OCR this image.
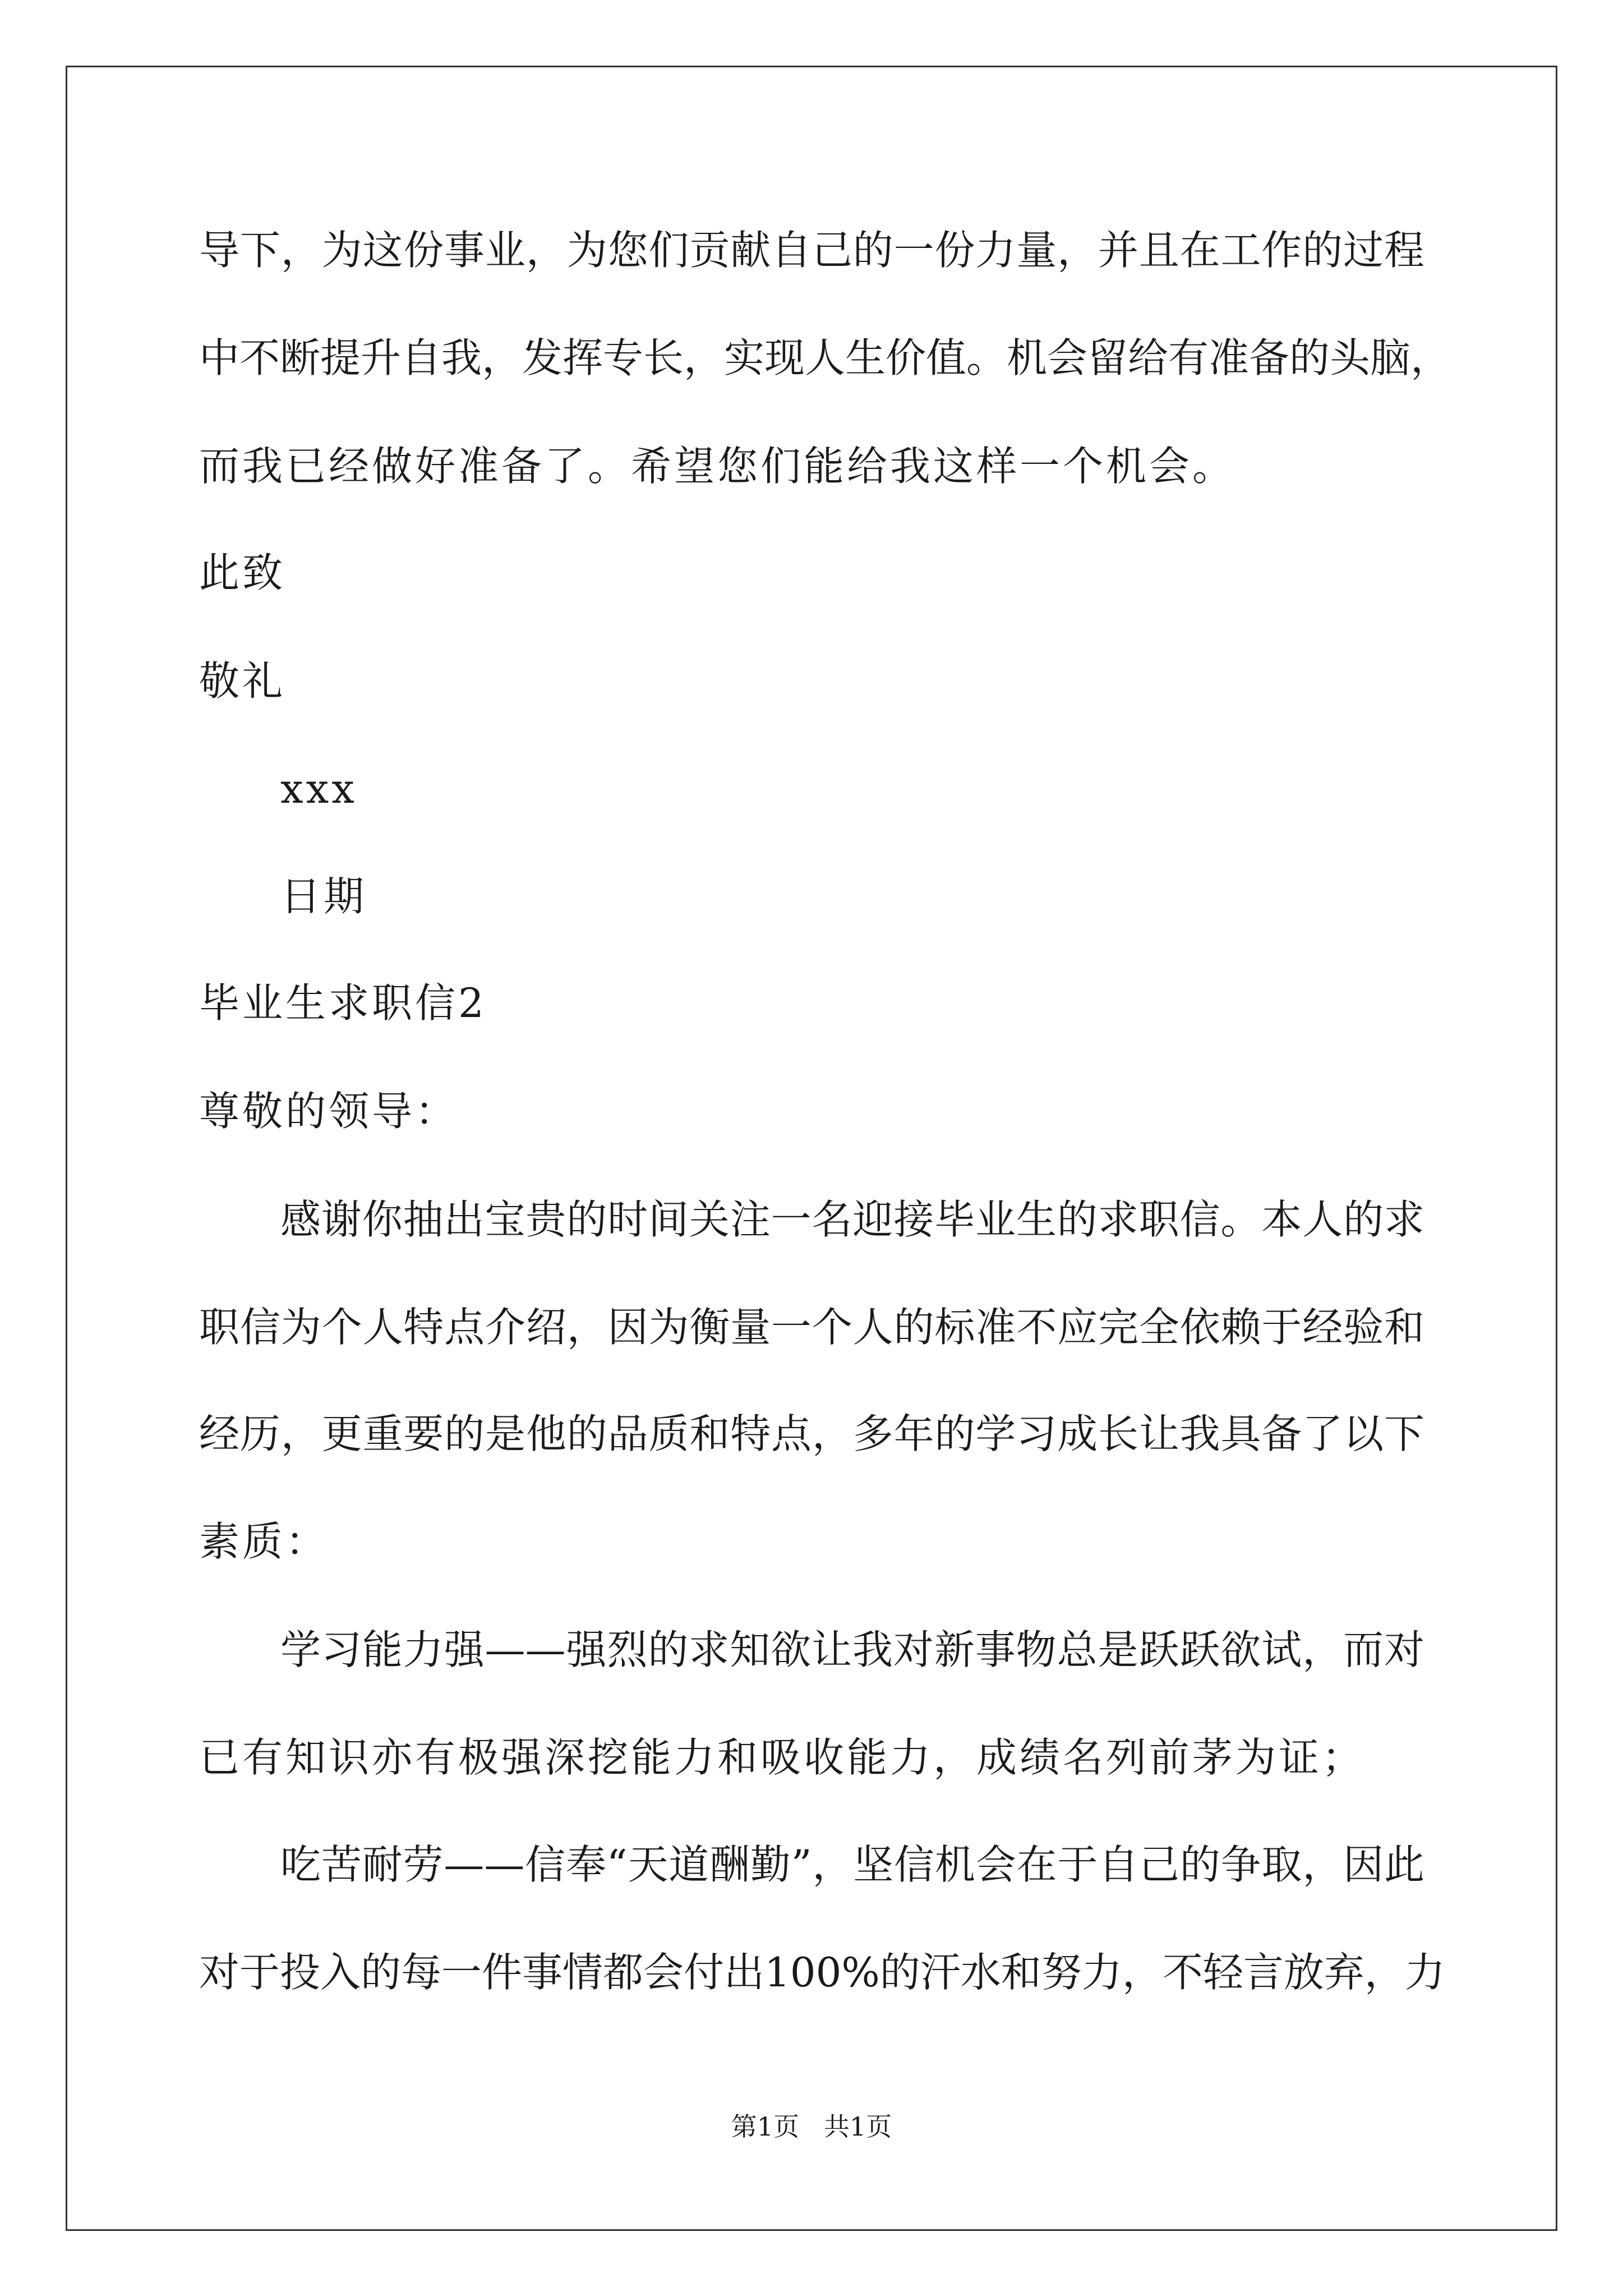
导下，为这份事业，为您们贡献自己的一份力量，并且在工作的过程
中不断提升自我，发挥专长，实现人生价值。机会留给有准备的头脑，
而我已经做好准备了。希望您们能给我这样一个机会。
此致
敬礼
xxx
日期
毕业生求职信2
尊敬的领导：
感谢你抽出宝贵的时间关注一名迎接毕业生的求职信。本人的求
职信为个人特点介绍，因为衡量一个人的标准不应完全依赖于经验和
经历，更重要的是他的品质和特点，多年的学习成长让我具备了以下
素质：
学习能力强——强烈的求知欲让我对新事物总是跃跃欲试，而对
已有知识亦有极强深挖能力和吸收能力，成绩名列前茅为证；
吃苦耐劳——信奉“天道酬勤”，坚信机会在于自己的争取，因此
对于投入的每一件事情都会付出100%的汗水和努力，不轻言放弃，力
第1页   共1页
